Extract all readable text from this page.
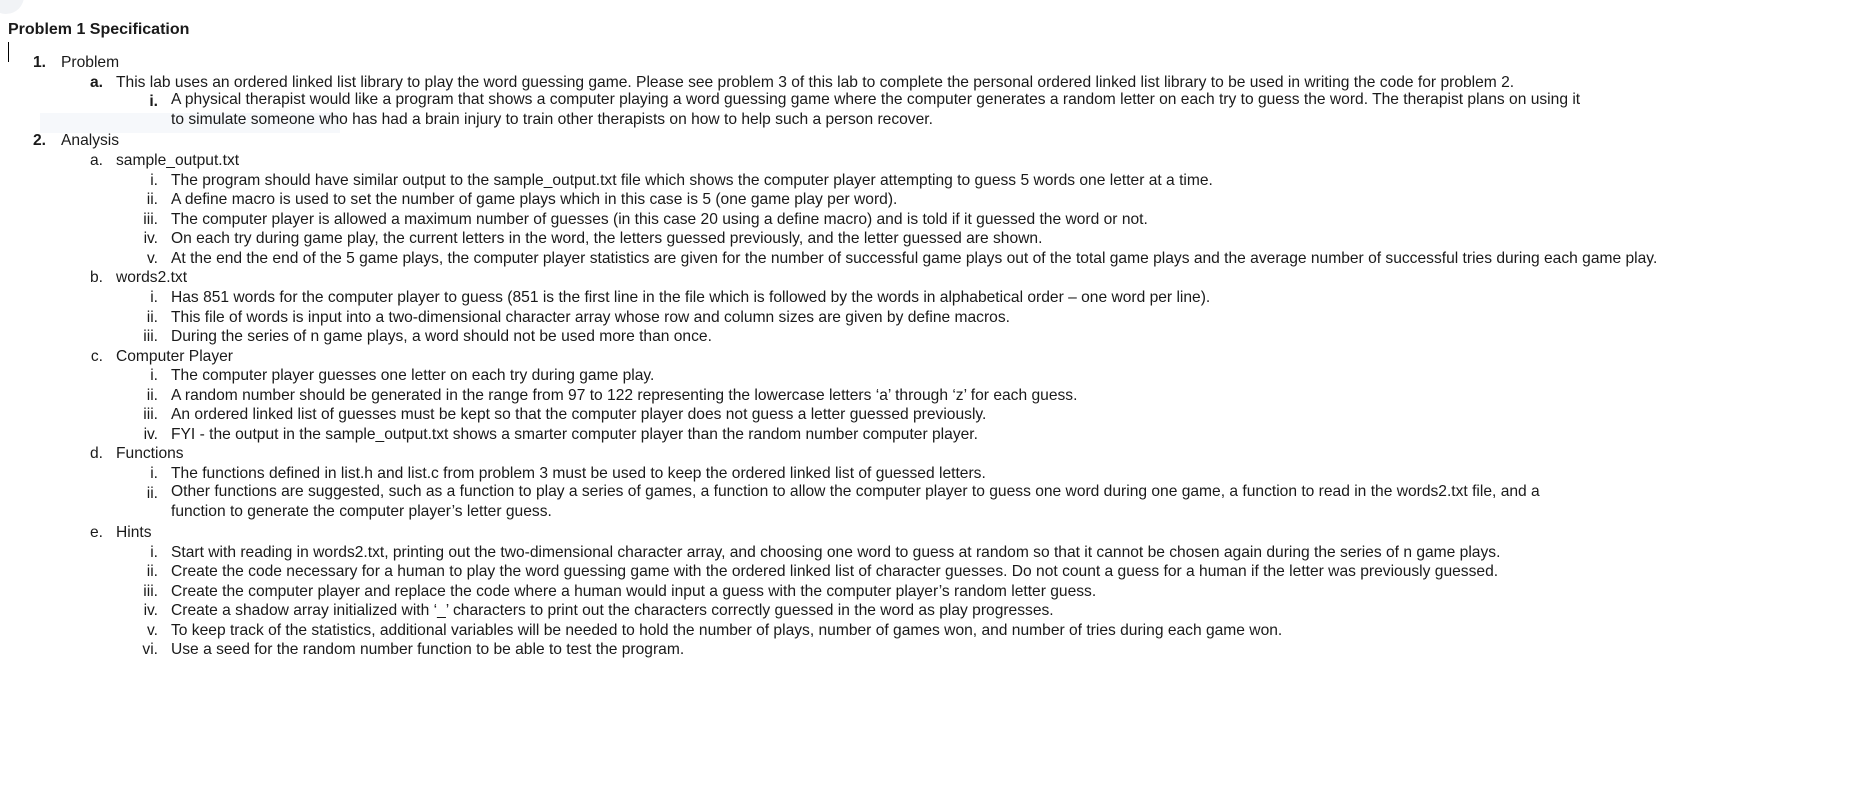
Problem 1 Specification
1. Problem
a. This lab uses an ordered linked list library to play the word guessing game. Please see problem 3 of this lab to complete the personal ordered linked list library to be used in writing the code for problem 2.
i. A physical therapist would like a program that shows a computer playing a word guessing game where the computer generates a random letter on each try to guess the word. The therapist plans on using it to simulate someone who has had a brain injury to train other therapists on how to help such a person recover.
2. Analysis
a. sample_output.txt
i. The program should have similar output to the sample_output.txt file which shows the computer player attempting to guess 5 words one letter at a time.
ii. A define macro is used to set the number of game plays which in this case is 5 (one game play per word).
iii. The computer player is allowed a maximum number of guesses (in this case 20 using a define macro) and is told if it guessed the word or not.
iv. On each try during game play, the current letters in the word, the letters guessed previously, and the letter guessed are shown.
v. At the end the end of the 5 game plays, the computer player statistics are given for the number of successful game plays out of the total game plays and the average number of successful tries during each game play.
b. words2.txt
i. Has 851 words for the computer player to guess (851 is the first line in the file which is followed by the words in alphabetical order – one word per line).
ii. This file of words is input into a two-dimensional character array whose row and column sizes are given by define macros.
iii. During the series of n game plays, a word should not be used more than once.
c. Computer Player
i. The computer player guesses one letter on each try during game play.
ii. A random number should be generated in the range from 97 to 122 representing the lowercase letters ‘a’ through ‘z’ for each guess.
iii. An ordered linked list of guesses must be kept so that the computer player does not guess a letter guessed previously.
iv. FYI - the output in the sample_output.txt shows a smarter computer player than the random number computer player.
d. Functions
i. The functions defined in list.h and list.c from problem 3 must be used to keep the ordered linked list of guessed letters.
ii. Other functions are suggested, such as a function to play a series of games, a function to allow the computer player to guess one word during one game, a function to read in the words2.txt file, and a function to generate the computer player’s letter guess.
e. Hints
i. Start with reading in words2.txt, printing out the two-dimensional character array, and choosing one word to guess at random so that it cannot be chosen again during the series of n game plays.
ii. Create the code necessary for a human to play the word guessing game with the ordered linked list of character guesses. Do not count a guess for a human if the letter was previously guessed.
iii. Create the computer player and replace the code where a human would input a guess with the computer player’s random letter guess.
iv. Create a shadow array initialized with ‘_’ characters to print out the characters correctly guessed in the word as play progresses.
v. To keep track of the statistics, additional variables will be needed to hold the number of plays, number of games won, and number of tries during each game won.
vi. Use a seed for the random number function to be able to test the program.
